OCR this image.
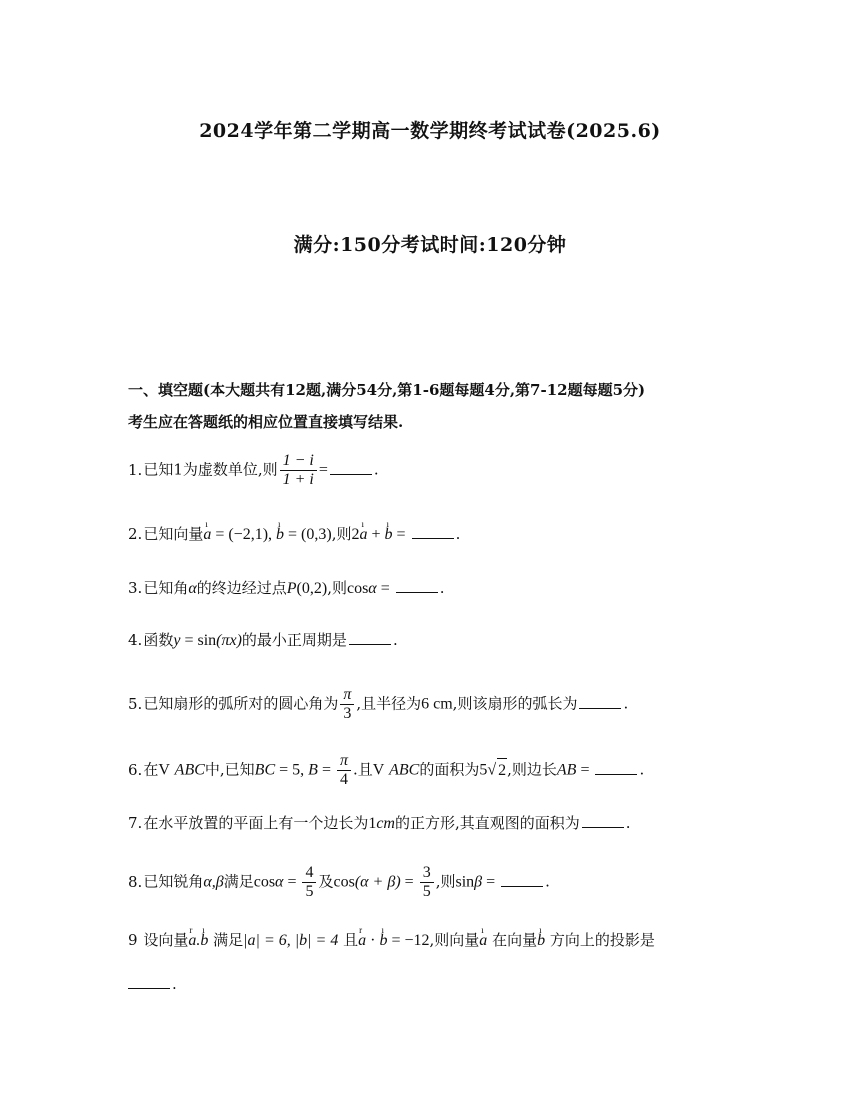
2024学年第二学期高一数学期终考试试卷(2025.6)
满分:150分考试时间:120分钟
一、填空题(本大题共有12题,满分54分,第1-6题每题4分,第7-12题每题5分)
考生应在答题纸的相应位置直接填写结果.
1.已知1为虚数单位,则 $\frac{1 - i}{1 + i}$ =	.
2.已知向量ı a = (−2,1), ı b = (0,3),则2ı a + ı b =	.
3.已知角α的终边经过点P(0,2),则cosα =	.
4.函数y = sin(πx)的最小正周期是	.
5.已知扇形的弧所对的圆心角为 $\frac{\pi}{3}$ ,且半径为6 cm,则该扇形的弧长为	.
6.在V ABC中,已知BC = 5, $B = \frac{\pi}{4}$ .且V ABC的面积为5√ 2,则边长AB =	.
7.在水平放置的平面上有一个边长为1cm的正方形,其直观图的面积为	.
8.已知锐角α,β满足$\cos\alpha = \frac{4}{5}$ 及$\cos(\alpha + \beta) = \frac{3}{5}$ ,则sinβ =	.
9 设向量r a.ı b 满足|a| = 6, |b| = 4 且r a · ı b = −12,则向量ı a 在向量ı b 方向上的投影是
.
